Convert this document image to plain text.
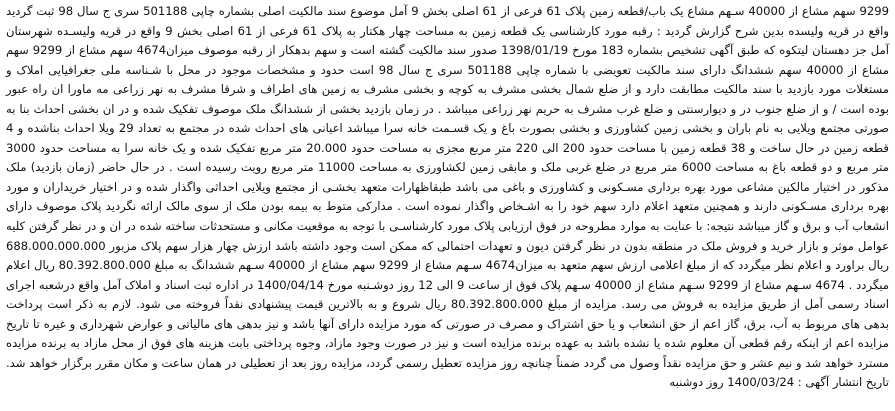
9299 سهم مشاع از 40000 سـهم مشاع یک باب/قطعه زمین پلاک 61 فرعی از 61 اصلی بخش 9 آمل موضوع سند مالکیت اصلی بشماره چاپی 501188 سری ج سال 98 ثبت گردید واقع در قریه ولیسده بدین شرح گزارش گردید : رقبه مورد کارشناسی یک قطعه زمین به مساحت چهار هکتار به پلاک 61 فرعی از 61 اصلی بخش 9 واقع در قریه ولیسـده شهرستان آمل جز دهستان لیتکوه که طبق آگهی تشخیص بشماره 183 مورخ 1398/01/19 صدور سند مالکیت گشته است و سهم بدهکار از رقبه موصوف میزان4674 سهم مشاع از 9299 سهم مشاع از 40000 سهم ششدانگ دارای سند مالکیت تعویضی با شماره چاپی 501188 سری ج سال 98 است حدود و مشخصات موجود در محل با شـناسه ملی جغرافیایی املاک و مستغلات مورد بازدید با سند مالکیت مطابقت دارد و از ضلع شمال بخشی مشرف به کوچه و بخشی مشرف به زمین های اطراف و شرقا مشرف به نهر زراعی مه ماورا ان راه عبور بوده است / و از ضلع جنوب در و دیوارسنتی و ضلع غرب مشرف به حریم نهر زراعی میباشد . در زمان بازدید بخشی از ششدانگ ملک موصوف تفکیک شده و در ان بخشی احداث بنا به صورتی مجتمع ویلایی به نام باران و بخشی زمین کشاورزی و بخشی بصورت باغ و یک قسـمت خانه سرا میباشد اعیانی های احداث شده در مجتمع به تعداد 29 ویلا احداث بناشده و 4 قطعه زمین در حال ساخت و 38 قطعه زمین با مساحت حدود 200 الی 220 متر مربع مجزی به مساحت حدود 20.000 متر مربع تفکیک شده و یک خانه سرا به مساحت حدود 3000 متر مربع و دو قطعه باغ به مساحت 6000 متر مربع در ضلع غربی ملک و مابقی زمین لکشاورزی به مساحت 11000 متر مربع رویت رسیده است . در حال حاضر (زمان بازدید) ملک مذکور در اختیار مالکین مشاعی مورد بهره برداری مسـکونی و کشاورزی و باغی می باشد طبقاظهارات متعهد بخشـی از مجتمع ویلایی احداثی واگذار شده و در اختیار خریداران و مورد بهره برداری مسـکونی دارند و همچنین متعهد اعلام دارد سهم خود را به اشـخاص واگذار نموده است . مدارکی متوط به بیمه بودن ملک از سوی مالک ارائه نگردید پلاک موصوف دارای انشعاب آب و برق و گاز میباشد نتیجه: با عنایت به موارد مطروحه در فوق ارزیابی پلاک مورد کارشناسـی با توجه به موقعیت مکانی و مستحدثات ساخته شده در ان و در نظر گرفتن کلیه عوامل موثر و بازار خرید و فروش ملک در منطقه بدون در نظر گرفتن دیون و تعهدات احتمالی که ممکن است وجود داشته باشد ارزش چهار هزار سهم پلاک مزبور 688.000.000.000 ریال براورد و اعلام نظر میگردد که از مبلغ اعلامی ارزش سهم متعهد به میزان4674 سـهم مشاع از 9299 سهم مشاع از 40000 سـهم ششدانگ به مبلغ 80.392.800.000 ریال اعلام میگردد . 4674 سـهم مشاع از 9299 سـهم مشاع از 40000 سـهم پلاک فوق از ساعت 9 الی 12 روز دوشـنبه مورخ 1400/04/14 در اداره ثبت اسناد و املاک آمل واقع درشعبه اجرای اسناد رسمی آمل از طریق مزایده به فروش می رسد. مزایده از مبلغ 80.392.800.000 ریال شروع و به بالاترین قیمت پیشنهادی نقداً فروخته می شود. لازم به ذکر است پرداخت بدهی های مربوط به آب، برق، گاز اعم از حق انشعاب و یا حق اشتراک و مصرف در صورتی که مورد مزایده دارای آنها باشد و نیز بدهی های مالیاتی و عوارض شهرداری و غیره تا تاریخ مزایده اعم از اینکه رقم قطعی آن معلوم شده یا نشده باشد به عهده برنده مزایده است و نیز در صورت وجود مازاد، وجوه پرداختی بابت هزینه های فوق از محل مازاد به برنده مزایده مسترد خواهد شد و نیم عشر و حق مزایده نقداً وصول می گردد ضمناً چنانچه روز مزایده تعطیل رسمی گردد، مزایده روز بعد از تعطیلی در همان ساعت و مکان مقرر برگزار خواهد شد. تاریخ انتشار آگهی : 1400/03/24 روز دوشنبه
